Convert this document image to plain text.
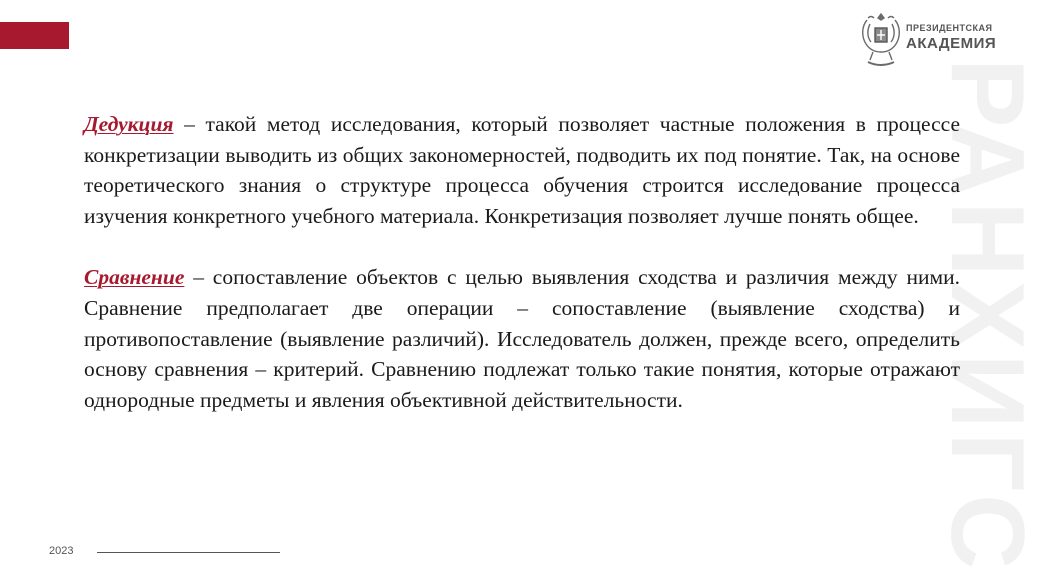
ПРЕЗИДЕНТСКАЯ
АКАДЕМИЯ
РАНХИГС

Дедукция – такой метод исследования, который позволяет частные положения в процессе конкретизации выводить из общих закономерностей, подводить их под понятие. Так, на основе теоретического знания о структуре процесса обучения строится исследование процесса изучения конкретного учебного материала. Конкретизация позволяет лучше понять общее.

Сравнение – сопоставление объектов с целью выявления сходства и различия между ними. Сравнение предполагает две операции – сопоставление (выявление сходства) и противопоставление (выявление различий). Исследователь должен, прежде всего, определить основу сравнения – критерий. Сравнению подлежат только такие понятия, которые отражают однородные предметы и явления объективной действительности.

2023
